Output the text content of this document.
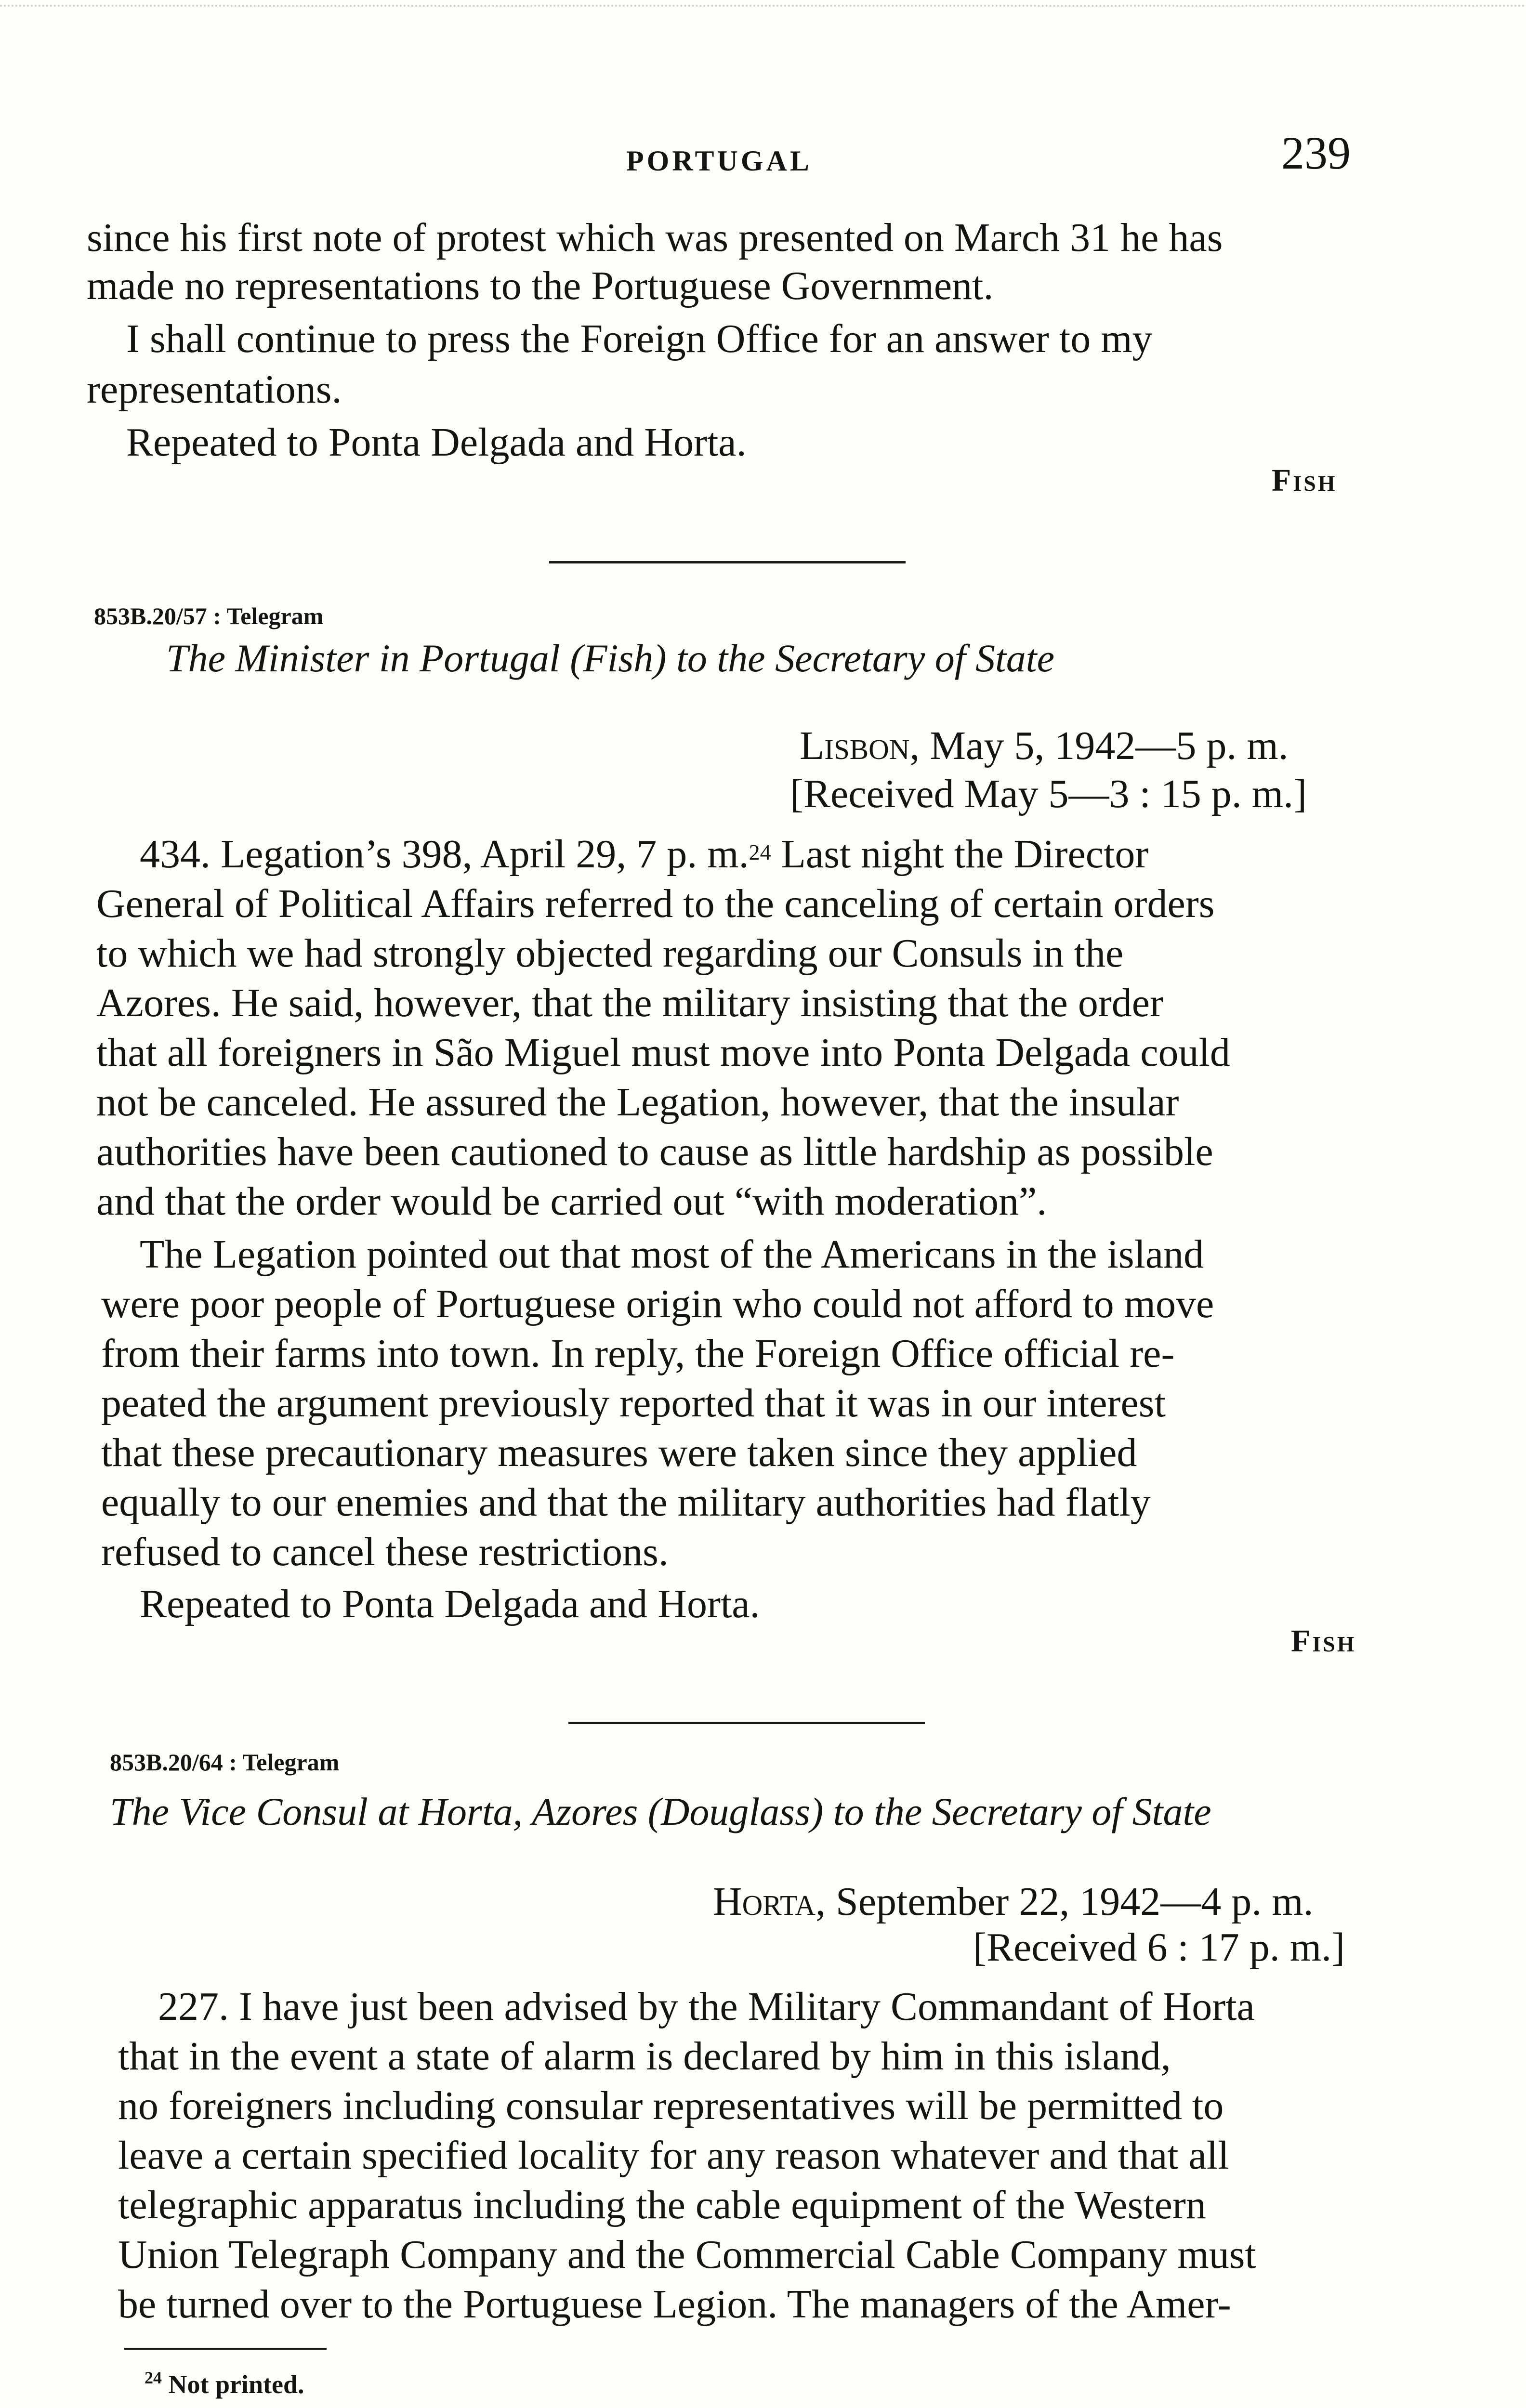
PORTUGAL	239
since his first note of protest which was presented on March 31 he has
made no representations to the Portuguese Government.
I shall continue to press the Foreign Office for an answer to my
representations.
Repeated to Ponta Delgada and Horta.
Fish
853B.20/57 : Telegram
The Minister in Portugal (Fish) to the Secretary of State
Lisbon, May 5, 1942—5 p. m.
[Received May 5—3 : 15 p. m.]
434. Legation’s 398, April 29, 7 p. m.$^{24}$ Last night the Director
General of Political Affairs referred to the canceling of certain orders
to which we had strongly objected regarding our Consuls in the
Azores. He said, however, that the military insisting that the order
that all foreigners in São Miguel must move into Ponta Delgada could
not be canceled. He assured the Legation, however, that the insular
authorities have been cautioned to cause as little hardship as possible
and that the order would be carried out “with moderation”.
The Legation pointed out that most of the Americans in the island
were poor people of Portuguese origin who could not afford to move
from their farms into town. In reply, the Foreign Office official re-
peated the argument previously reported that it was in our interest
that these precautionary measures were taken since they applied
equally to our enemies and that the military authorities had flatly
refused to cancel these restrictions.
Repeated to Ponta Delgada and Horta.
Fish
853B.20/64 : Telegram
The Vice Consul at Horta, Azores (Douglass) to the Secretary of State
Horta, September 22, 1942—4 p. m.
[Received 6 : 17 p. m.]
227. I have just been advised by the Military Commandant of Horta
that in the event a state of alarm is declared by him in this island,
no foreigners including consular representatives will be permitted to
leave a certain specified locality for any reason whatever and that all
telegraphic apparatus including the cable equipment of the Western
Union Telegraph Company and the Commercial Cable Company must
be turned over to the Portuguese Legion. The managers of the Amer-
$^{24}$ Not printed.
